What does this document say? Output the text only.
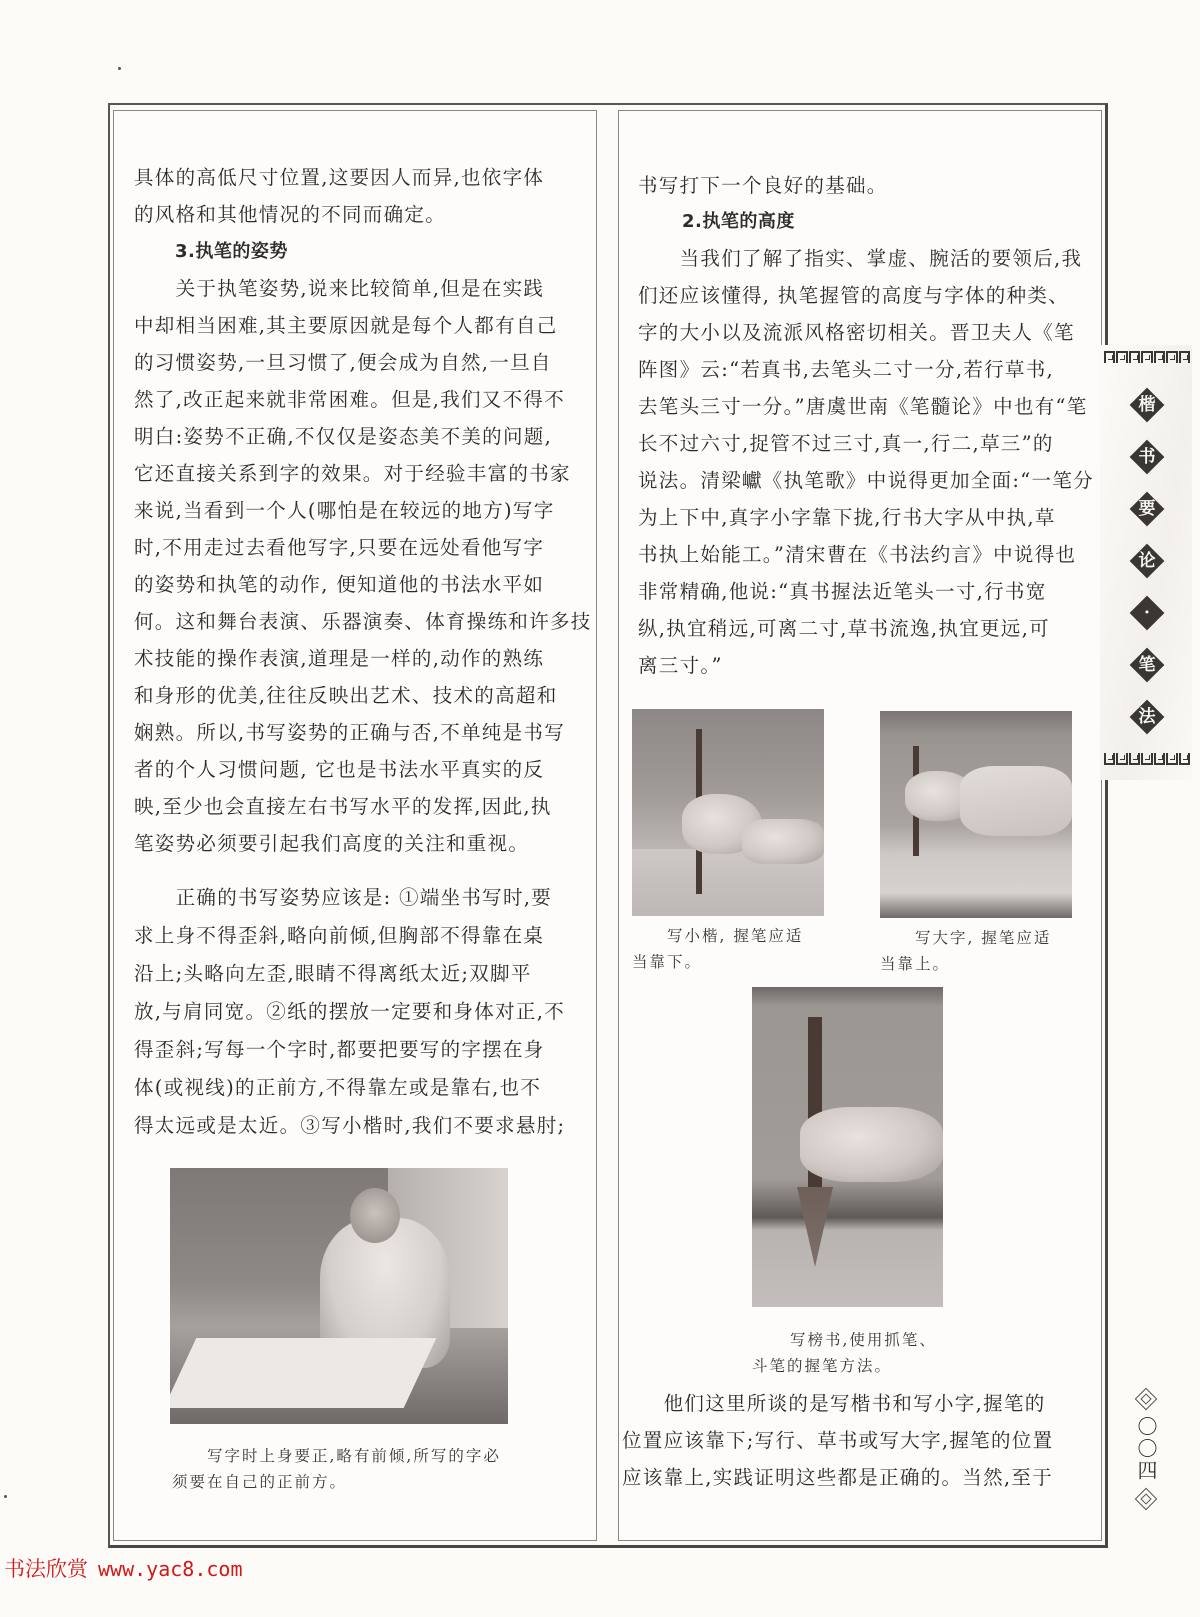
具体的高低尺寸位置,这要因人而异,也依字体
的风格和其他情况的不同而确定。
3.执笔的姿势
　　关于执笔姿势,说来比较简单,但是在实践
中却相当困难,其主要原因就是每个人都有自己
的习惯姿势,一旦习惯了,便会成为自然,一旦自
然了,改正起来就非常困难。但是,我们又不得不
明白:姿势不正确,不仅仅是姿态美不美的问题,
它还直接关系到字的效果。对于经验丰富的书家
来说,当看到一个人(哪怕是在较远的地方)写字
时,不用走过去看他写字,只要在远处看他写字
的姿势和执笔的动作, 便知道他的书法水平如
何。这和舞台表演、乐器演奏、体育操练和许多技
术技能的操作表演,道理是一样的,动作的熟练
和身形的优美,往往反映出艺术、技术的高超和
娴熟。所以,书写姿势的正确与否,不单纯是书写
者的个人习惯问题, 它也是书法水平真实的反
映,至少也会直接左右书写水平的发挥,因此,执
笔姿势必须要引起我们高度的关注和重视。
　　正确的书写姿势应该是: ①端坐书写时,要
求上身不得歪斜,略向前倾,但胸部不得靠在桌
沿上;头略向左歪,眼睛不得离纸太近;双脚平
放,与肩同宽。②纸的摆放一定要和身体对正,不
得歪斜;写每一个字时,都要把要写的字摆在身
体(或视线)的正前方,不得靠左或是靠右,也不
得太远或是太近。③写小楷时,我们不要求悬肘;
　　写字时上身要正,略有前倾,所写的字必
须要在自己的正前方。
书写打下一个良好的基础。
2.执笔的高度
　　当我们了解了指实、掌虚、腕活的要领后,我
们还应该懂得, 执笔握管的高度与字体的种类、
字的大小以及流派风格密切相关。晋卫夫人《笔
阵图》云:“若真书,去笔头二寸一分,若行草书,
去笔头三寸一分。”唐虞世南《笔髓论》中也有“笔
长不过六寸,捉管不过三寸,真一,行二,草三”的
说法。清梁巘《执笔歌》中说得更加全面:“一笔分
为上下中,真字小字靠下拢,行书大字从中执,草
书执上始能工。”清宋曹在《书法约言》中说得也
非常精确,他说:“真书握法近笔头一寸,行书宽
纵,执宜稍远,可离二寸,草书流逸,执宜更远,可
离三寸。”
　　写小楷, 握笔应适
当靠下。
　　写大字, 握笔应适
当靠上。
写榜书,使用抓笔、
斗笔的握笔方法。
　　他们这里所谈的是写楷书和写小字,握笔的
位置应该靠下;写行、草书或写大字,握笔的位置
应该靠上,实践证明这些都是正确的。当然,至于
楷
书
要
论
·
笔
法
〇〇四
书法欣赏 www.yac8.com
